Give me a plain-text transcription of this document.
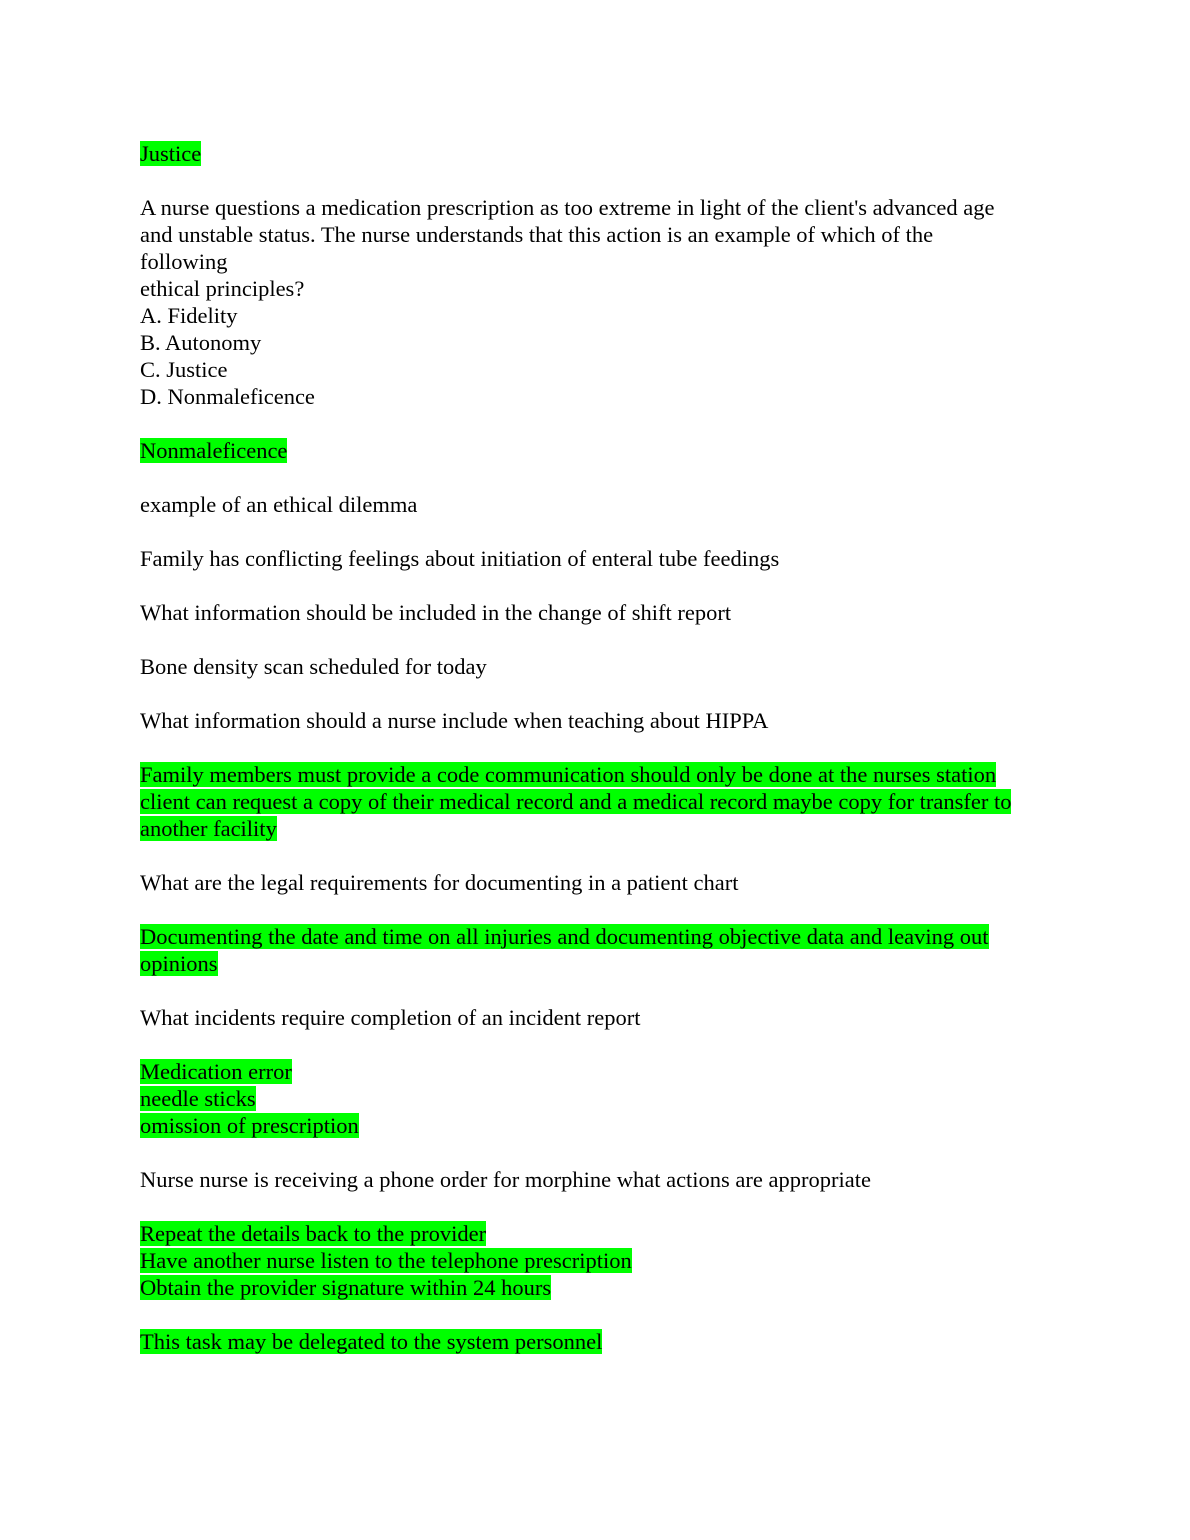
Justice
A nurse questions a medication prescription as too extreme in light of the client's advanced age
and unstable status. The nurse understands that this action is an example of which of the
following
ethical principles?
A. Fidelity
B. Autonomy
C. Justice
D. Nonmaleficence
Nonmaleficence
example of an ethical dilemma
Family has conflicting feelings about initiation of enteral tube feedings
What information should be included in the change of shift report
Bone density scan scheduled for today
What information should a nurse include when teaching about HIPPA
Family members must provide a code communication should only be done at the nurses station
client can request a copy of their medical record and a medical record maybe copy for transfer to
another facility
What are the legal requirements for documenting in a patient chart
Documenting the date and time on all injuries and documenting objective data and leaving out
opinions
What incidents require completion of an incident report
Medication error
needle sticks
omission of prescription
Nurse nurse is receiving a phone order for morphine what actions are appropriate
Repeat the details back to the provider
Have another nurse listen to the telephone prescription
Obtain the provider signature within 24 hours
This task may be delegated to the system personnel
